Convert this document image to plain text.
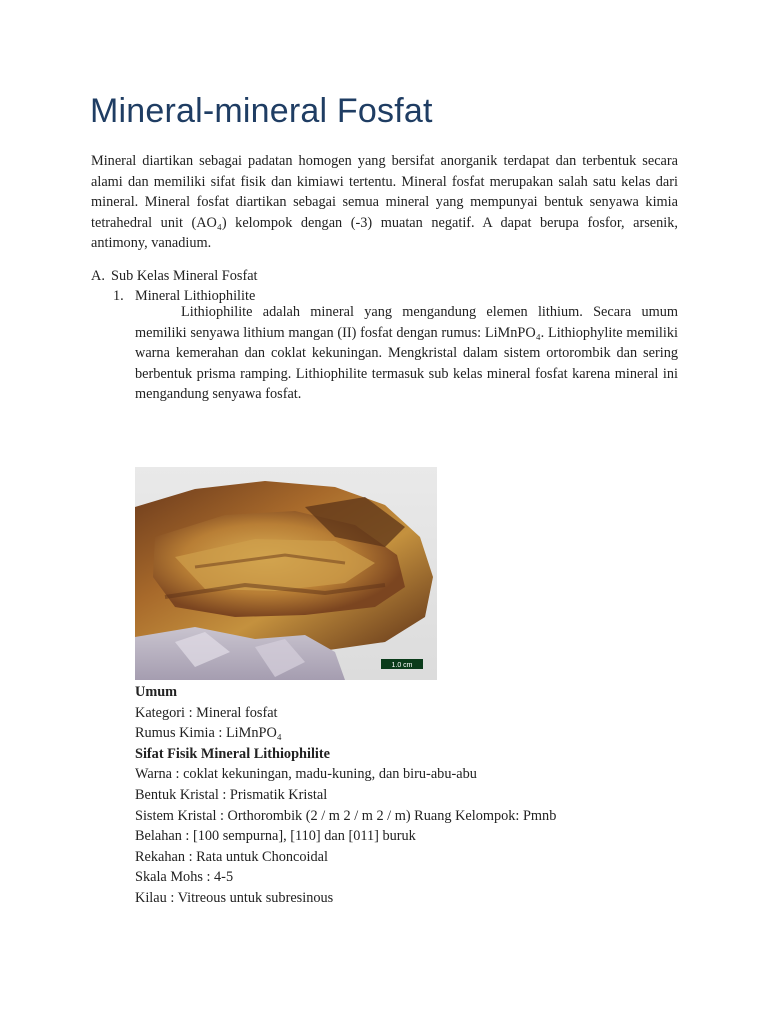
Mineral-mineral Fosfat

Mineral diartikan sebagai padatan homogen yang bersifat anorganik terdapat dan terbentuk secara alami dan memiliki sifat fisik dan kimiawi tertentu. Mineral fosfat merupakan salah satu kelas dari mineral. Mineral fosfat diartikan sebagai semua mineral yang mempunyai bentuk senyawa kimia tetrahedral unit (AO₄) kelompok dengan (-3) muatan negatif. A dapat berupa fosfor, arsenik, antimony, vanadium.

A. Sub Kelas Mineral Fosfat
1. Mineral Lithiophilite

Lithiophilite adalah mineral yang mengandung elemen lithium. Secara umum memiliki senyawa lithium mangan (II) fosfat dengan rumus: LiMnPO₄. Lithiophylite memiliki warna kemerahan dan coklat kekuningan. Mengkristal dalam sistem ortorombik dan sering berbentuk prisma ramping. Lithiophilite termasuk sub kelas mineral fosfat karena mineral ini mengandung senyawa fosfat.

1.0 cm
Umum
Kategori : Mineral fosfat
Rumus Kimia : LiMnPO₄
Sifat Fisik Mineral Lithiophilite
Warna : coklat kekuningan, madu-kuning, dan biru-abu-abu
Bentuk Kristal : Prismatik Kristal
Sistem Kristal : Orthorombik (2 / m 2 / m 2 / m) Ruang Kelompok: Pmnb
Belahan : [100 sempurna], [110] dan [011] buruk
Rekahan : Rata untuk Choncoidal
Skala Mohs : 4-5
Kilau : Vitreous untuk subresinous
